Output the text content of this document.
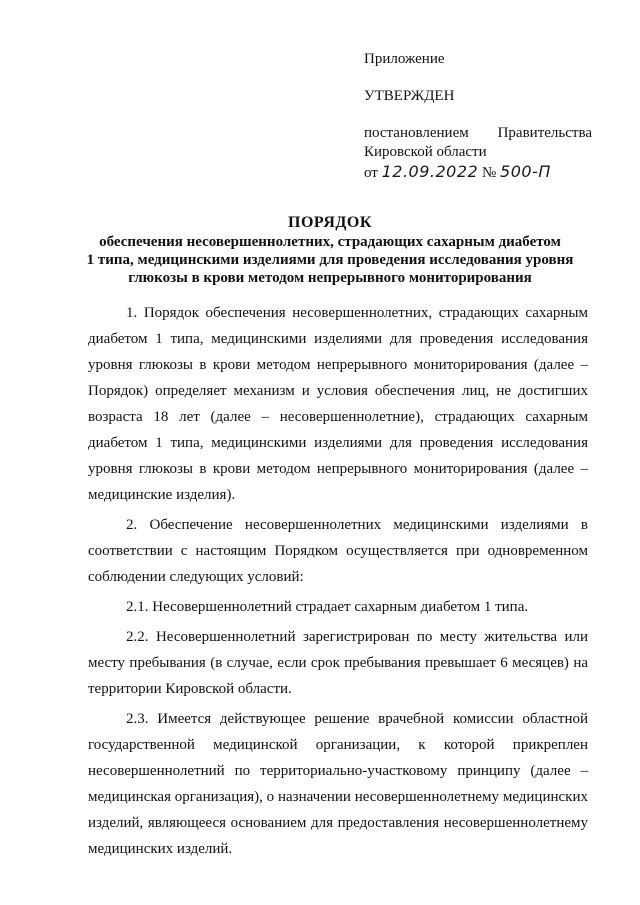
Приложение
УТВЕРЖДЕН
постановлением Правительства
Кировской области
от 12.09.2022 № 500-П
ПОРЯДОК
обеспечения несовершеннолетних, страдающих сахарным диабетом
1 типа, медицинскими изделиями для проведения исследования уровня
глюкозы в крови методом непрерывного мониторирования

1. Порядок обеспечения несовершеннолетних, страдающих сахарным диабетом 1 типа, медицинскими изделиями для проведения исследования уровня глюкозы в крови методом непрерывного мониторирования (далее – Порядок) определяет механизм и условия обеспечения лиц, не достигших возраста 18 лет (далее – несовершеннолетние), страдающих сахарным диабетом 1 типа, медицинскими изделиями для проведения исследования уровня глюкозы в крови методом непрерывного мониторирования (далее – медицинские изделия).

2. Обеспечение несовершеннолетних медицинскими изделиями в соответствии с настоящим Порядком осуществляется при одновременном соблюдении следующих условий:

2.1. Несовершеннолетний страдает сахарным диабетом 1 типа.

2.2. Несовершеннолетний зарегистрирован по месту жительства или месту пребывания (в случае, если срок пребывания превышает 6 месяцев) на территории Кировской области.

2.3. Имеется действующее решение врачебной комиссии областной государственной медицинской организации, к которой прикреплен несовершеннолетний по территориально-участковому принципу (далее – медицинская организация), о назначении несовершеннолетнему медицинских изделий, являющееся основанием для предоставления несовершеннолетнему медицинских изделий.
